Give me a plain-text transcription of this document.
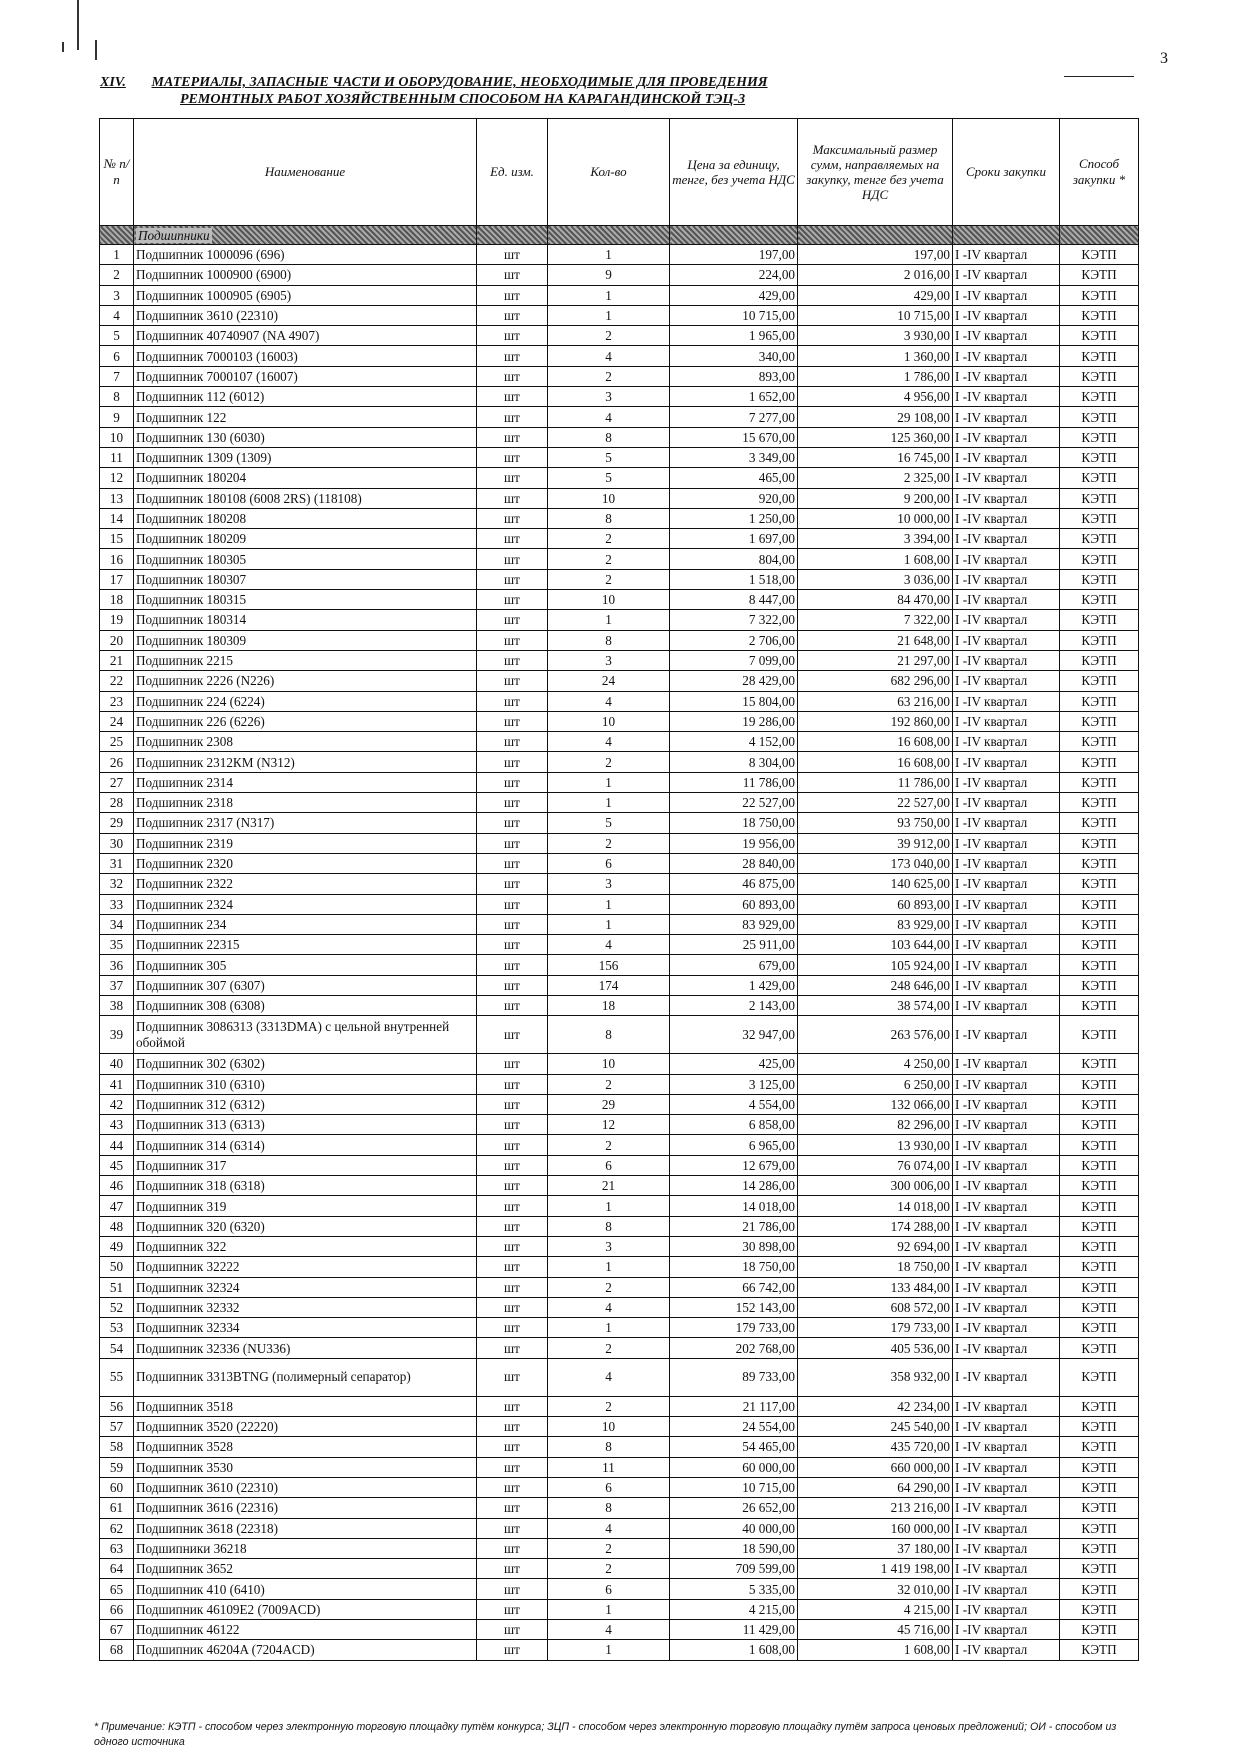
3
XIV. МАТЕРИАЛЫ, ЗАПАСНЫЕ ЧАСТИ И ОБОРУДОВАНИЕ, НЕОБХОДИМЫЕ ДЛЯ ПРОВЕДЕНИЯ
РЕМОНТНЫХ РАБОТ ХОЗЯЙСТВЕННЫМ СПОСОБОМ НА КАРАГАНДИНСКОЙ ТЭЦ-3
№ п/п	Наименование	Ед. изм.	Кол-во	Цена за единицу, тенге, без учета НДС	Максимальный размер сумм, направляемых на закупку, тенге без учета НДС	Сроки закупки	Способ закупки *
	Подшипники						
1	Подшипник 1000096 (696)	шт	1	197,00	197,00	I -IV квартал	КЭТП
2	Подшипник 1000900 (6900)	шт	9	224,00	2 016,00	I -IV квартал	КЭТП
3	Подшипник 1000905 (6905)	шт	1	429,00	429,00	I -IV квартал	КЭТП
4	Подшипник 3610 (22310)	шт	1	10 715,00	10 715,00	I -IV квартал	КЭТП
5	Подшипник 40740907 (NA 4907)	шт	2	1 965,00	3 930,00	I -IV квартал	КЭТП
6	Подшипник 7000103 (16003)	шт	4	340,00	1 360,00	I -IV квартал	КЭТП
7	Подшипник 7000107 (16007)	шт	2	893,00	1 786,00	I -IV квартал	КЭТП
8	Подшипник 112 (6012)	шт	3	1 652,00	4 956,00	I -IV квартал	КЭТП
9	Подшипник 122	шт	4	7 277,00	29 108,00	I -IV квартал	КЭТП
10	Подшипник 130 (6030)	шт	8	15 670,00	125 360,00	I -IV квартал	КЭТП
11	Подшипник 1309 (1309)	шт	5	3 349,00	16 745,00	I -IV квартал	КЭТП
12	Подшипник 180204	шт	5	465,00	2 325,00	I -IV квартал	КЭТП
13	Подшипник 180108 (6008 2RS) (118108)	шт	10	920,00	9 200,00	I -IV квартал	КЭТП
14	Подшипник 180208	шт	8	1 250,00	10 000,00	I -IV квартал	КЭТП
15	Подшипник 180209	шт	2	1 697,00	3 394,00	I -IV квартал	КЭТП
16	Подшипник 180305	шт	2	804,00	1 608,00	I -IV квартал	КЭТП
17	Подшипник 180307	шт	2	1 518,00	3 036,00	I -IV квартал	КЭТП
18	Подшипник 180315	шт	10	8 447,00	84 470,00	I -IV квартал	КЭТП
19	Подшипник 180314	шт	1	7 322,00	7 322,00	I -IV квартал	КЭТП
20	Подшипник 180309	шт	8	2 706,00	21 648,00	I -IV квартал	КЭТП
21	Подшипник 2215	шт	3	7 099,00	21 297,00	I -IV квартал	КЭТП
22	Подшипник 2226 (N226)	шт	24	28 429,00	682 296,00	I -IV квартал	КЭТП
23	Подшипник 224 (6224)	шт	4	15 804,00	63 216,00	I -IV квартал	КЭТП
24	Подшипник 226 (6226)	шт	10	19 286,00	192 860,00	I -IV квартал	КЭТП
25	Подшипник 2308	шт	4	4 152,00	16 608,00	I -IV квартал	КЭТП
26	Подшипник 2312КМ (N312)	шт	2	8 304,00	16 608,00	I -IV квартал	КЭТП
27	Подшипник 2314	шт	1	11 786,00	11 786,00	I -IV квартал	КЭТП
28	Подшипник 2318	шт	1	22 527,00	22 527,00	I -IV квартал	КЭТП
29	Подшипник 2317 (N317)	шт	5	18 750,00	93 750,00	I -IV квартал	КЭТП
30	Подшипник 2319	шт	2	19 956,00	39 912,00	I -IV квартал	КЭТП
31	Подшипник 2320	шт	6	28 840,00	173 040,00	I -IV квартал	КЭТП
32	Подшипник 2322	шт	3	46 875,00	140 625,00	I -IV квартал	КЭТП
33	Подшипник 2324	шт	1	60 893,00	60 893,00	I -IV квартал	КЭТП
34	Подшипник 234	шт	1	83 929,00	83 929,00	I -IV квартал	КЭТП
35	Подшипник 22315	шт	4	25 911,00	103 644,00	I -IV квартал	КЭТП
36	Подшипник 305	шт	156	679,00	105 924,00	I -IV квартал	КЭТП
37	Подшипник 307 (6307)	шт	174	1 429,00	248 646,00	I -IV квартал	КЭТП
38	Подшипник 308 (6308)	шт	18	2 143,00	38 574,00	I -IV квартал	КЭТП
39	Подшипник 3086313 (3313DMA) с цельной внутренней обоймой	шт	8	32 947,00	263 576,00	I -IV квартал	КЭТП
40	Подшипник 302 (6302)	шт	10	425,00	4 250,00	I -IV квартал	КЭТП
41	Подшипник 310 (6310)	шт	2	3 125,00	6 250,00	I -IV квартал	КЭТП
42	Подшипник 312 (6312)	шт	29	4 554,00	132 066,00	I -IV квартал	КЭТП
43	Подшипник 313 (6313)	шт	12	6 858,00	82 296,00	I -IV квартал	КЭТП
44	Подшипник 314 (6314)	шт	2	6 965,00	13 930,00	I -IV квартал	КЭТП
45	Подшипник 317	шт	6	12 679,00	76 074,00	I -IV квартал	КЭТП
46	Подшипник 318 (6318)	шт	21	14 286,00	300 006,00	I -IV квартал	КЭТП
47	Подшипник 319	шт	1	14 018,00	14 018,00	I -IV квартал	КЭТП
48	Подшипник 320 (6320)	шт	8	21 786,00	174 288,00	I -IV квартал	КЭТП
49	Подшипник 322	шт	3	30 898,00	92 694,00	I -IV квартал	КЭТП
50	Подшипник 32222	шт	1	18 750,00	18 750,00	I -IV квартал	КЭТП
51	Подшипник 32324	шт	2	66 742,00	133 484,00	I -IV квартал	КЭТП
52	Подшипник 32332	шт	4	152 143,00	608 572,00	I -IV квартал	КЭТП
53	Подшипник 32334	шт	1	179 733,00	179 733,00	I -IV квартал	КЭТП
54	Подшипник 32336 (NU336)	шт	2	202 768,00	405 536,00	I -IV квартал	КЭТП
55	Подшипник 3313BTNG (полимерный сепаратор)	шт	4	89 733,00	358 932,00	I -IV квартал	КЭТП
56	Подшипник 3518	шт	2	21 117,00	42 234,00	I -IV квартал	КЭТП
57	Подшипник 3520 (22220)	шт	10	24 554,00	245 540,00	I -IV квартал	КЭТП
58	Подшипник 3528	шт	8	54 465,00	435 720,00	I -IV квартал	КЭТП
59	Подшипник 3530	шт	11	60 000,00	660 000,00	I -IV квартал	КЭТП
60	Подшипник 3610 (22310)	шт	6	10 715,00	64 290,00	I -IV квартал	КЭТП
61	Подшипник 3616 (22316)	шт	8	26 652,00	213 216,00	I -IV квартал	КЭТП
62	Подшипник 3618 (22318)	шт	4	40 000,00	160 000,00	I -IV квартал	КЭТП
63	Подшипники 36218	шт	2	18 590,00	37 180,00	I -IV квартал	КЭТП
64	Подшипник 3652	шт	2	709 599,00	1 419 198,00	I -IV квартал	КЭТП
65	Подшипник 410 (6410)	шт	6	5 335,00	32 010,00	I -IV квартал	КЭТП
66	Подшипник 46109Е2 (7009ACD)	шт	1	4 215,00	4 215,00	I -IV квартал	КЭТП
67	Подшипник 46122	шт	4	11 429,00	45 716,00	I -IV квартал	КЭТП
68	Подшипник 46204A (7204ACD)	шт	1	1 608,00	1 608,00	I -IV квартал	КЭТП
* Примечание: КЭТП - способом через электронную торговую площадку путём конкурса; ЗЦП - способом через электронную торговую площадку путём запроса ценовых предложений; ОИ - способом из одного источника
